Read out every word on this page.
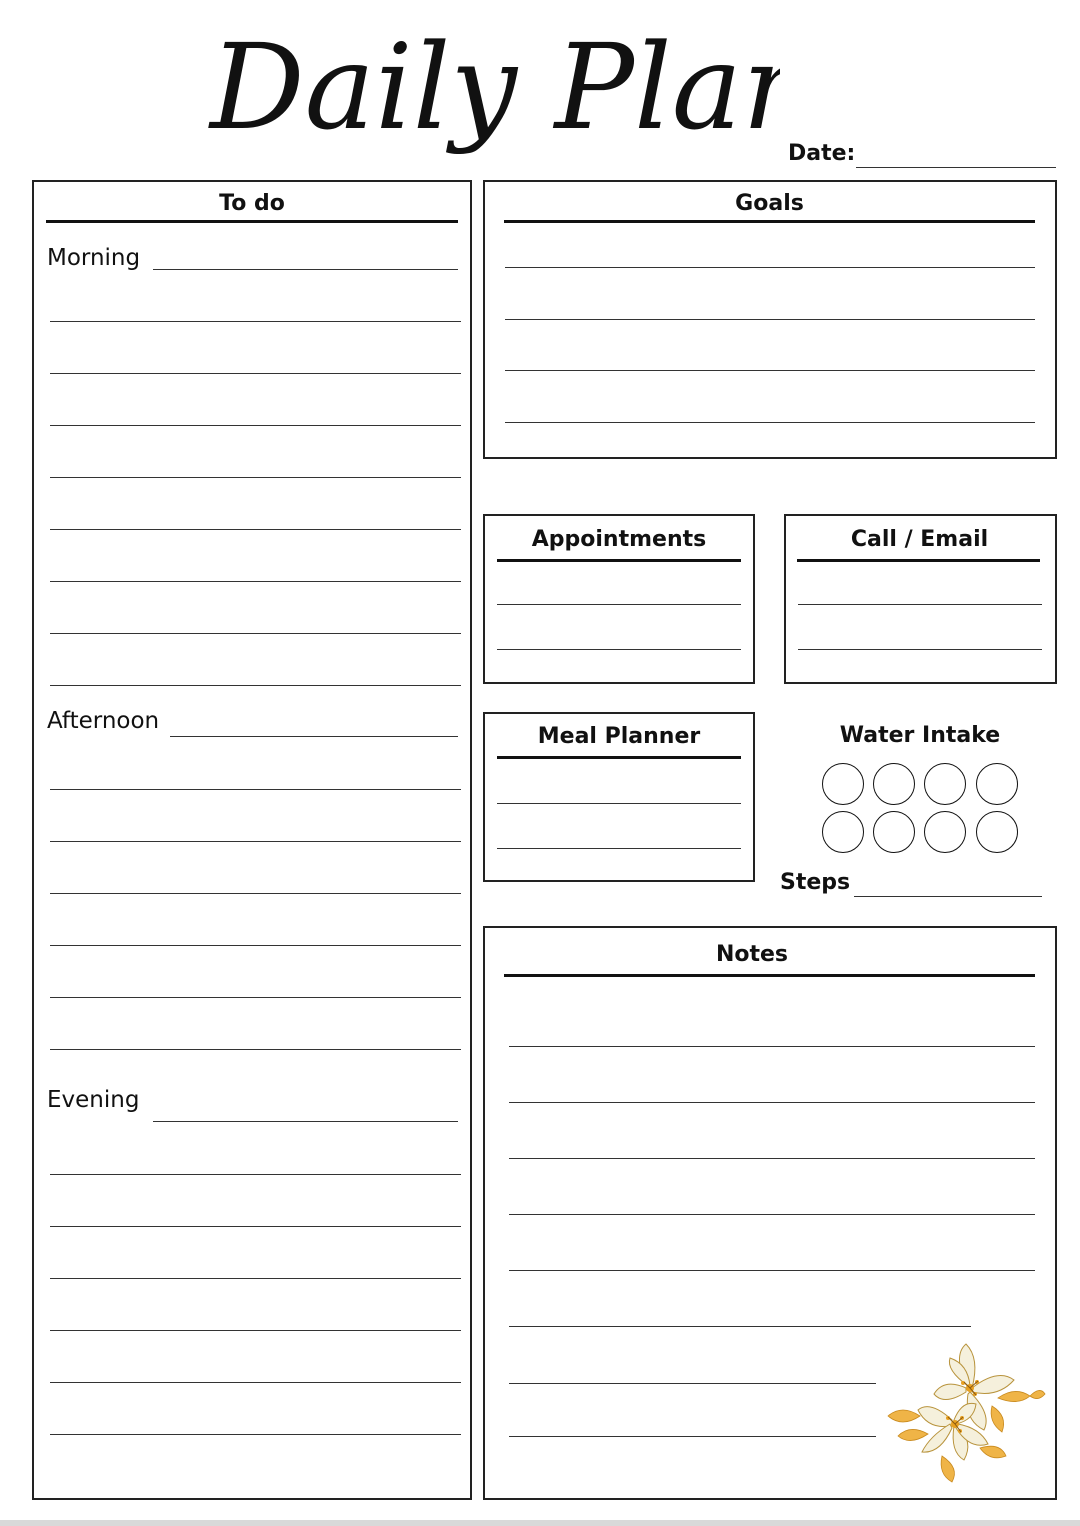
Daily Pla	Date:
To do
Morning
Afternoon
Evening
Goals
Appointments	Call / Email
Meal Planner	Water Intake
Steps
Notes
